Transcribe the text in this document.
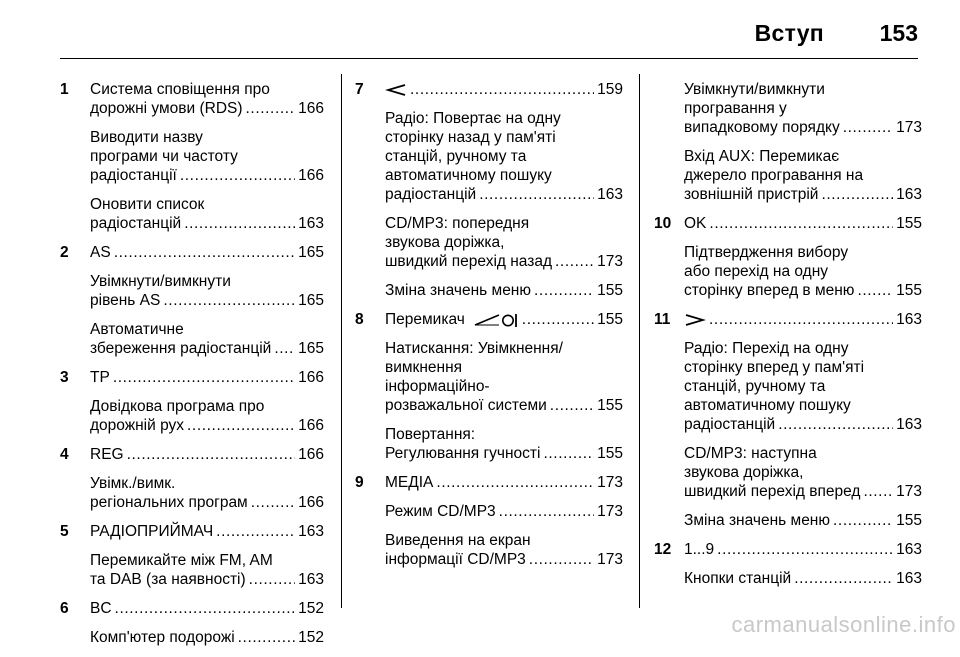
Вступ 153
1 Система сповіщення про
дорожні умови (RDS) .....	166
Виводити назву
програми чи частоту
радіостанції .....	166
Оновити список
радіостанцій .....	163
2 AS .....	165
Увімкнути/вимкнути
рівень AS .....	165
Автоматичне
збереження радіостанцій ..... 165
3 TP .....	166
Довідкова програма про
дорожній рух .....	166
4 REG .....	166
Увімк./вимк.
регіональних програм .....	166
5 РАДІОПРИЙМАЧ .....	163
Перемикайте між FM, AM
та DAB (за наявності) .....	163
6 BC .....	152
Комп'ютер подорожі .....	152
7 .....	159
Радіо: Повертає на одну
сторінку назад у пам'яті
станцій, ручному та
автоматичному пошуку
радіостанцій .....	163
CD/MP3: попередня
звукова доріжка,
швидкий перехід назад .....	173
Зміна значень меню .....	155
8 Перемикач .....	155
Натискання: Увімкнення/
вимкнення
інформаційно-
розважальної системи .....	155
Повертання:
Регулювання гучності .....	155
9 МЕДІА .....	173
Режим CD/MP3 .....	173
Виведення на екран
інформації CD/MP3 .....	173
Увімкнути/вимкнути
програвання у
випадковому порядку .....	173
Вхід AUX: Перемикає
джерело програвання на
зовнішній пристрій .....	163
10 OK .....	155
Підтвердження вибору
або перехід на одну
сторінку вперед в меню .....	155
11 .....	163
Радіо: Перехід на одну
сторінку вперед у пам'яті
станцій, ручному та
автоматичному пошуку
радіостанцій .....	163
CD/MP3: наступна
звукова доріжка,
швидкий перехід вперед ..... 173
Зміна значень меню .....	155
12 1...9 .....	163
Кнопки станцій .....	163
carmanualsonline.info
